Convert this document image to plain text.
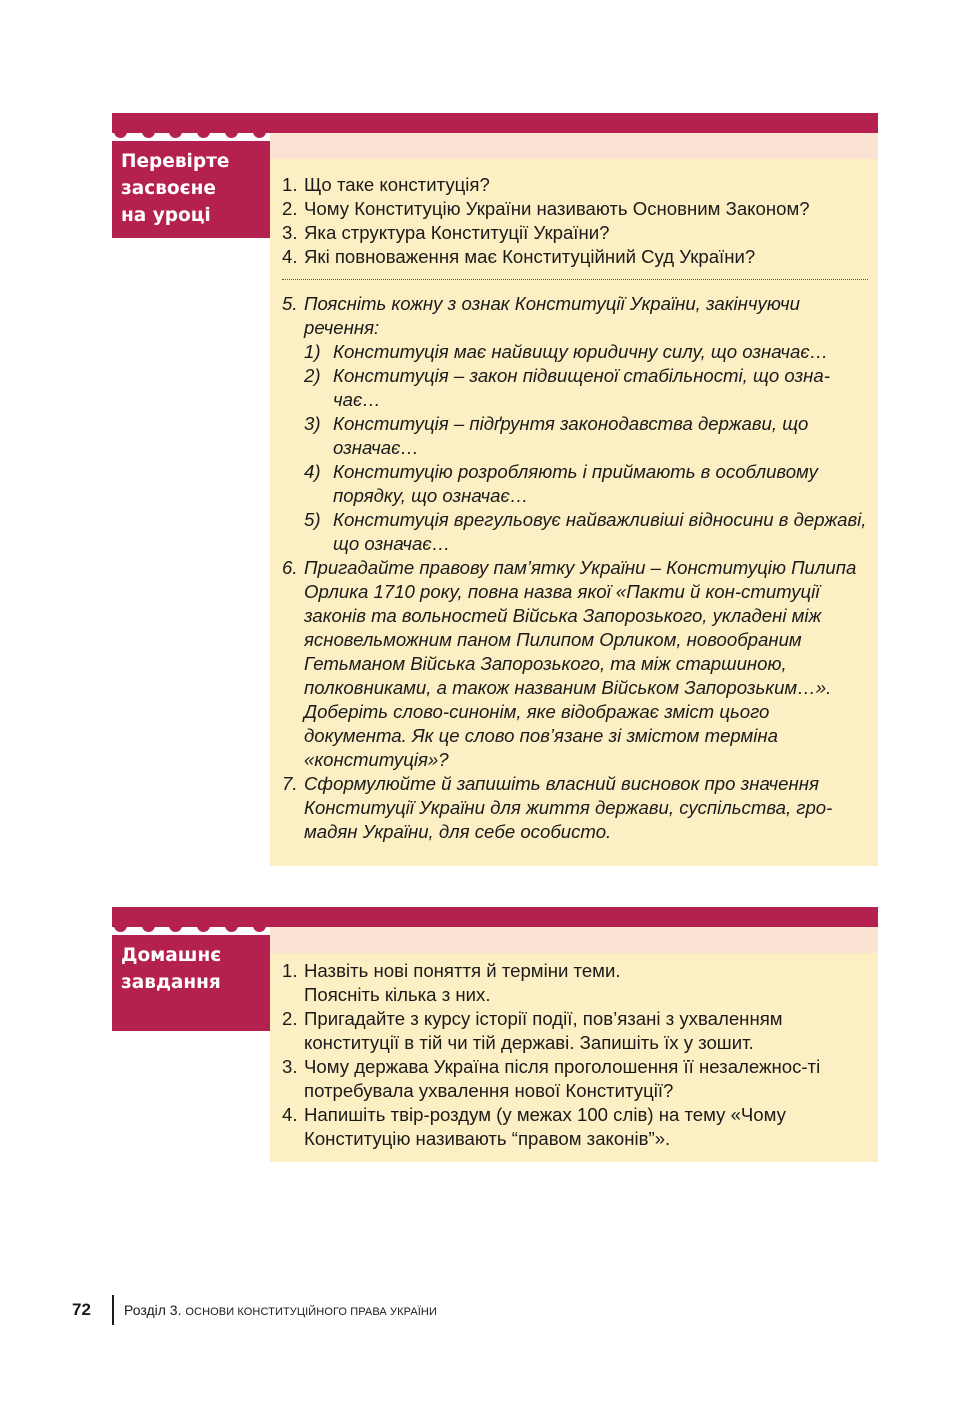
Перевірте
засвоєне
на уроці
1. Що таке конституція?
2. Чому Конституцію України називають Основним Законом?
3. Яка структура Конституції України?
4. Які повноваження має Конституційний Суд України?
5. Поясніть кожну з ознак Конституції України, закінчуючи речення:
1) Конституція має найвищу юридичну силу, що означає…
2) Конституція – закон підвищеної стабільності, що озна-чає…
3) Конституція – підґрунтя законодавства держави, що означає…
4) Конституцію розробляють і приймають в особливому порядку, що означає…
5) Конституція врегульовує найважливіші відносини в державі, що означає…
6. Пригадайте правову пам’ятку України – Конституцію Пилипа Орлика 1710 року, повна назва якої «Пакти й кон-ституції законів та вольностей Війська Запорозького, укладені між ясновельможним паном Пилипом Орликом, новообраним Гетьманом Війська Запорозького, та між старшиною, полковниками, а також названим Військом Запорозьким…». Доберіть слово-синонім, яке відображає зміст цього документа. Як це слово пов’язане зі змістом терміна «конституція»?
7. Сформулюйте й запишіть власний висновок про значення Конституції України для життя держави, суспільства, гро-мадян України, для себе особисто.
Домашнє
завдання
1. Назвіть нові поняття й терміни теми. Поясніть кілька з них.
2. Пригадайте з курсу історії події, пов’язані з ухваленням конституції в тій чи тій державі. Запишіть їх у зошит.
3. Чому держава Україна після проголошення її незалежнос-ті потребувала ухвалення нової Конституції?
4. Напишіть твір-роздум (у межах 100 слів) на тему «Чому Конституцію називають “правом законів”».
72	Розділ 3. ОСНОВИ КОНСТИТУЦІЙНОГО ПРАВА УКРАЇНИ
